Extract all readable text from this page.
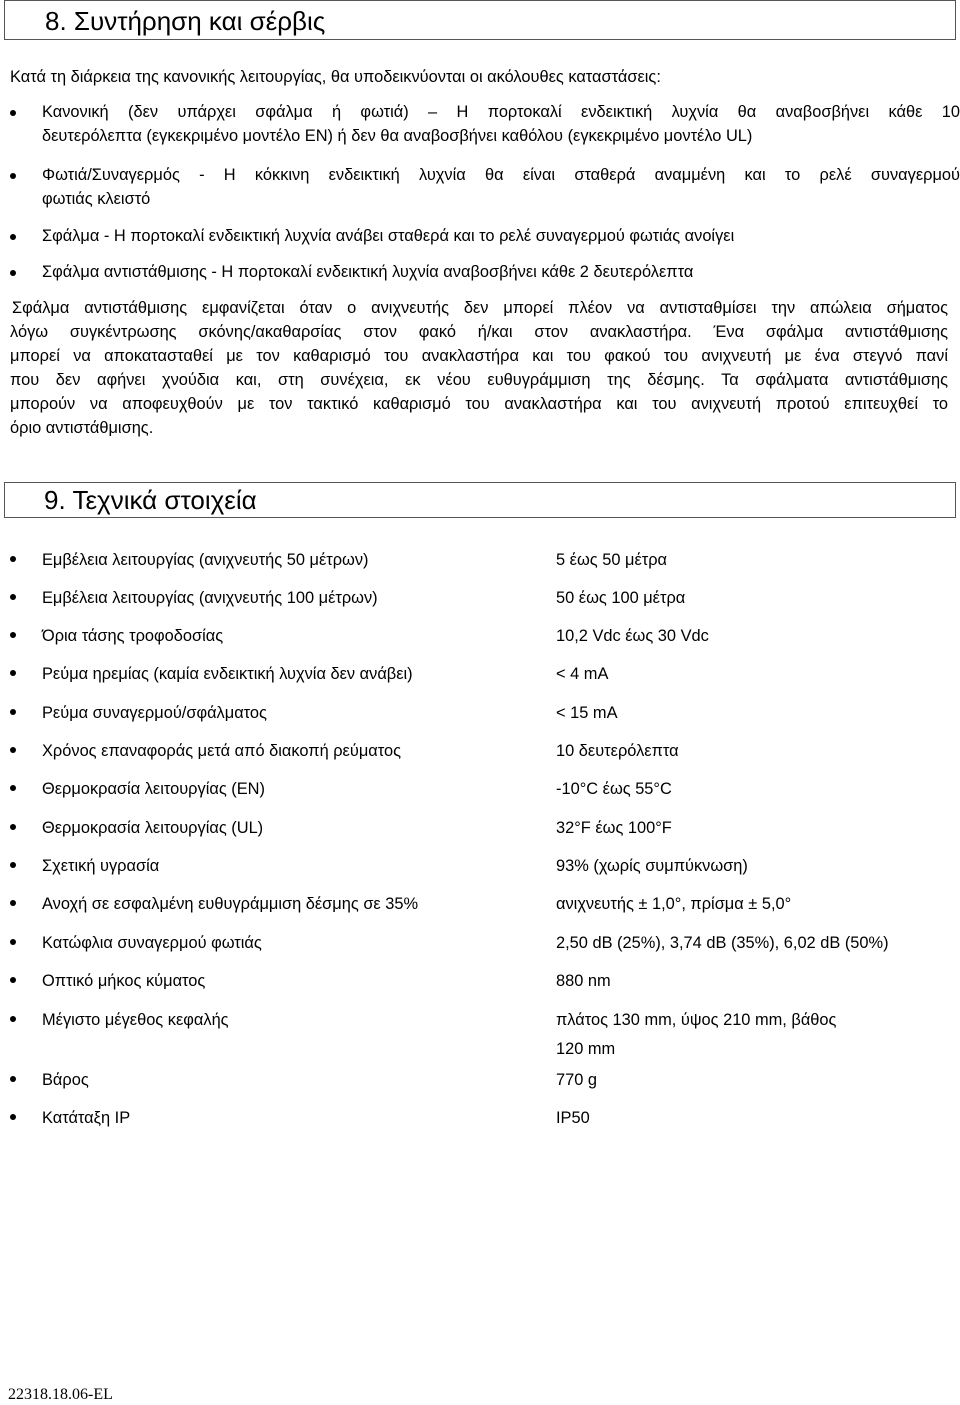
8. Συντήρηση και σέρβις
Κατά τη διάρκεια της κανονικής λειτουργίας, θα υποδεικνύονται οι ακόλουθες καταστάσεις:
Κανονική (δεν υπάρχει σφάλμα ή φωτιά) – Η πορτοκαλί ενδεικτική λυχνία θα αναβοσβήνει κάθε 10
δευτερόλεπτα (εγκεκριμένο μοντέλο EN) ή δεν θα αναβοσβήνει καθόλου (εγκεκριμένο μοντέλο UL)
Φωτιά/Συναγερμός - Η κόκκινη ενδεικτική λυχνία θα είναι σταθερά αναμμένη και το ρελέ συναγερμού
φωτιάς κλειστό
Σφάλμα - Η πορτοκαλί ενδεικτική λυχνία ανάβει σταθερά και το ρελέ συναγερμού φωτιάς ανοίγει
Σφάλμα αντιστάθμισης - Η πορτοκαλί ενδεικτική λυχνία αναβοσβήνει κάθε 2 δευτερόλεπτα
Σφάλμα αντιστάθμισης εμφανίζεται όταν ο ανιχνευτής δεν μπορεί πλέον να αντισταθμίσει την απώλεια σήματος
λόγω συγκέντρωσης σκόνης/ακαθαρσίας στον φακό ή/και στον ανακλαστήρα. Ένα σφάλμα αντιστάθμισης
μπορεί να αποκατασταθεί με τον καθαρισμό του ανακλαστήρα και του φακού του ανιχνευτή με ένα στεγνό πανί
που δεν αφήνει χνούδια και, στη συνέχεια, εκ νέου ευθυγράμμιση της δέσμης. Τα σφάλματα αντιστάθμισης
μπορούν να αποφευχθούν με τον τακτικό καθαρισμό του ανακλαστήρα και του ανιχνευτή προτού επιτευχθεί το
όριο αντιστάθμισης.
9. Τεχνικά στοιχεία
Εμβέλεια λειτουργίας (ανιχνευτής 50 μέτρων)	5 έως 50 μέτρα
Εμβέλεια λειτουργίας (ανιχνευτής 100 μέτρων)	50 έως 100 μέτρα
Όρια τάσης τροφοδοσίας	10,2 Vdc έως 30 Vdc
Ρεύμα ηρεμίας (καμία ενδεικτική λυχνία δεν ανάβει)	< 4 mA
Ρεύμα συναγερμού/σφάλματος	< 15 mA
Χρόνος επαναφοράς μετά από διακοπή ρεύματος	10 δευτερόλεπτα
Θερμοκρασία λειτουργίας (EN)	-10°C έως 55°C
Θερμοκρασία λειτουργίας (UL)	32°F έως 100°F
Σχετική υγρασία	93% (χωρίς συμπύκνωση)
Ανοχή σε εσφαλμένη ευθυγράμμιση δέσμης σε 35%	ανιχνευτής ± 1,0°, πρίσμα ± 5,0°
Κατώφλια συναγερμού φωτιάς	2,50 dB (25%), 3,74 dB (35%), 6,02 dB (50%)
Οπτικό μήκος κύματος	880 nm
Μέγιστο μέγεθος κεφαλής	πλάτος 130 mm, ύψος 210 mm, βάθος
120 mm
Βάρος	770 g
Κατάταξη IP	IP50
22318.18.06-EL
